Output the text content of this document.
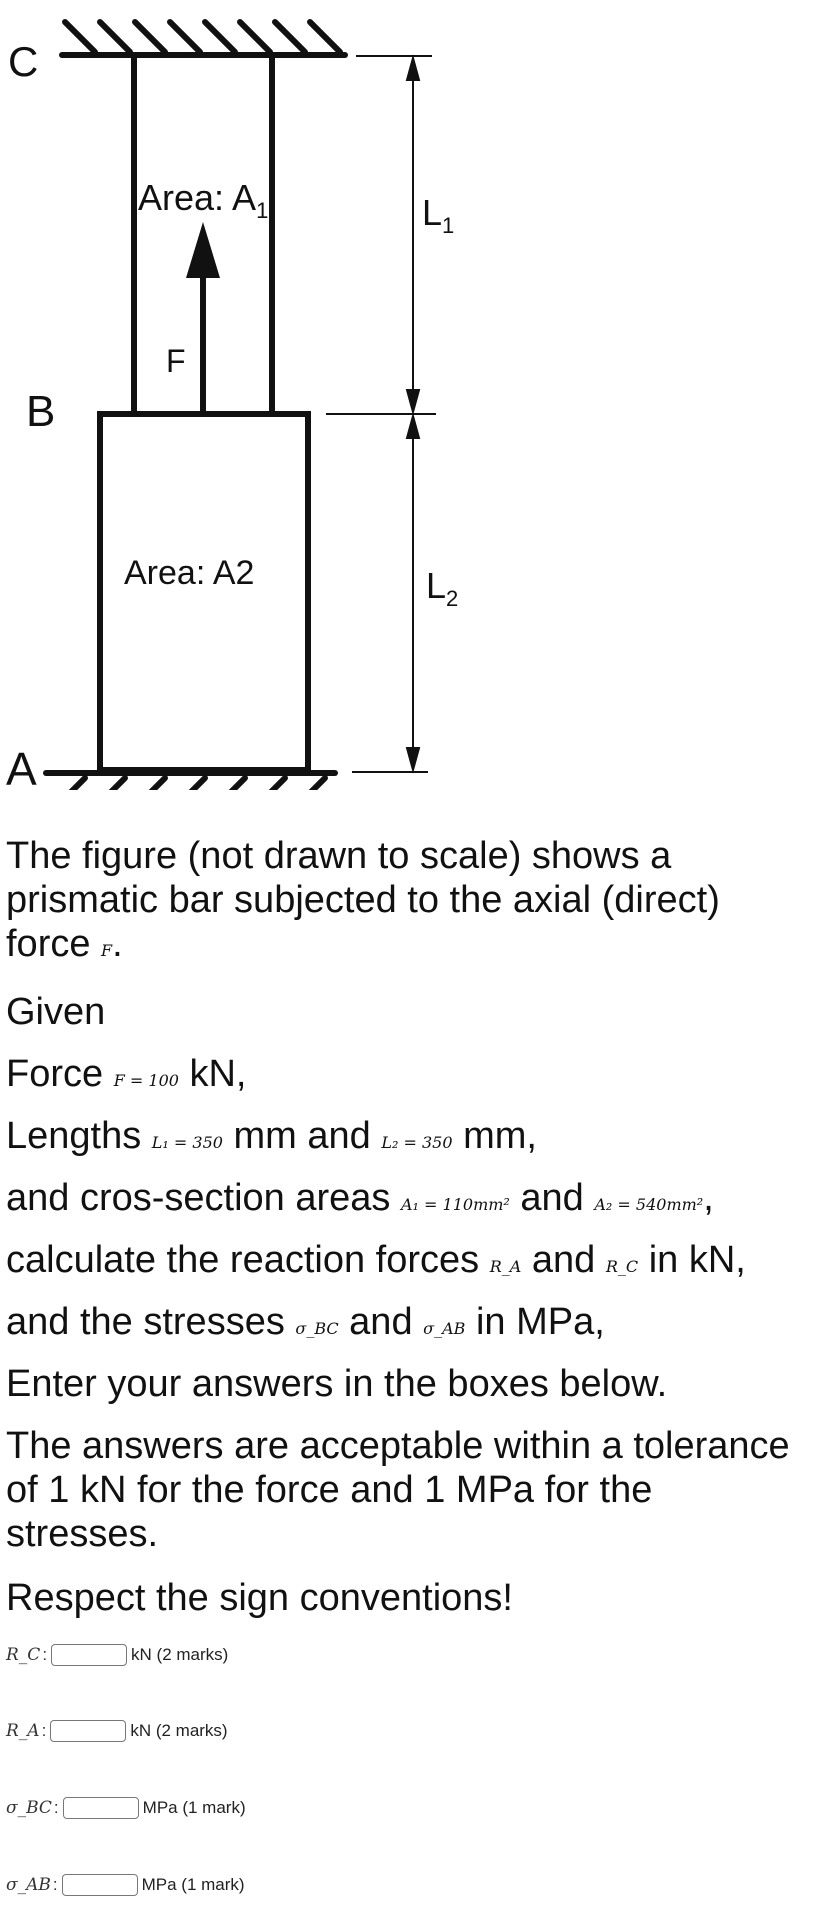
C
B
A
Area: $A_1$
F
Area: A2
$L_1$
$L_2$
The figure (not drawn to scale) shows a prismatic bar subjected to the axial (direct) force F.
Given
Force F = 100 kN,
Lengths L₁ = 350 mm and L₂ = 350 mm,
and cros-section areas A₁ = 110mm² and A₂ = 540mm²,
calculate the reaction forces R_A and R_C in kN,
and the stresses σ_BC and σ_AB in MPa,
Enter your answers in the boxes below.
The answers are acceptable within a tolerance of 1 kN for the force and 1 MPa for the stresses.
Respect the sign conventions!
R_C :	kN (2 marks)
R_A :	kN (2 marks)
σ_BC :	MPa (1 mark)
σ_AB :	MPa (1 mark)
